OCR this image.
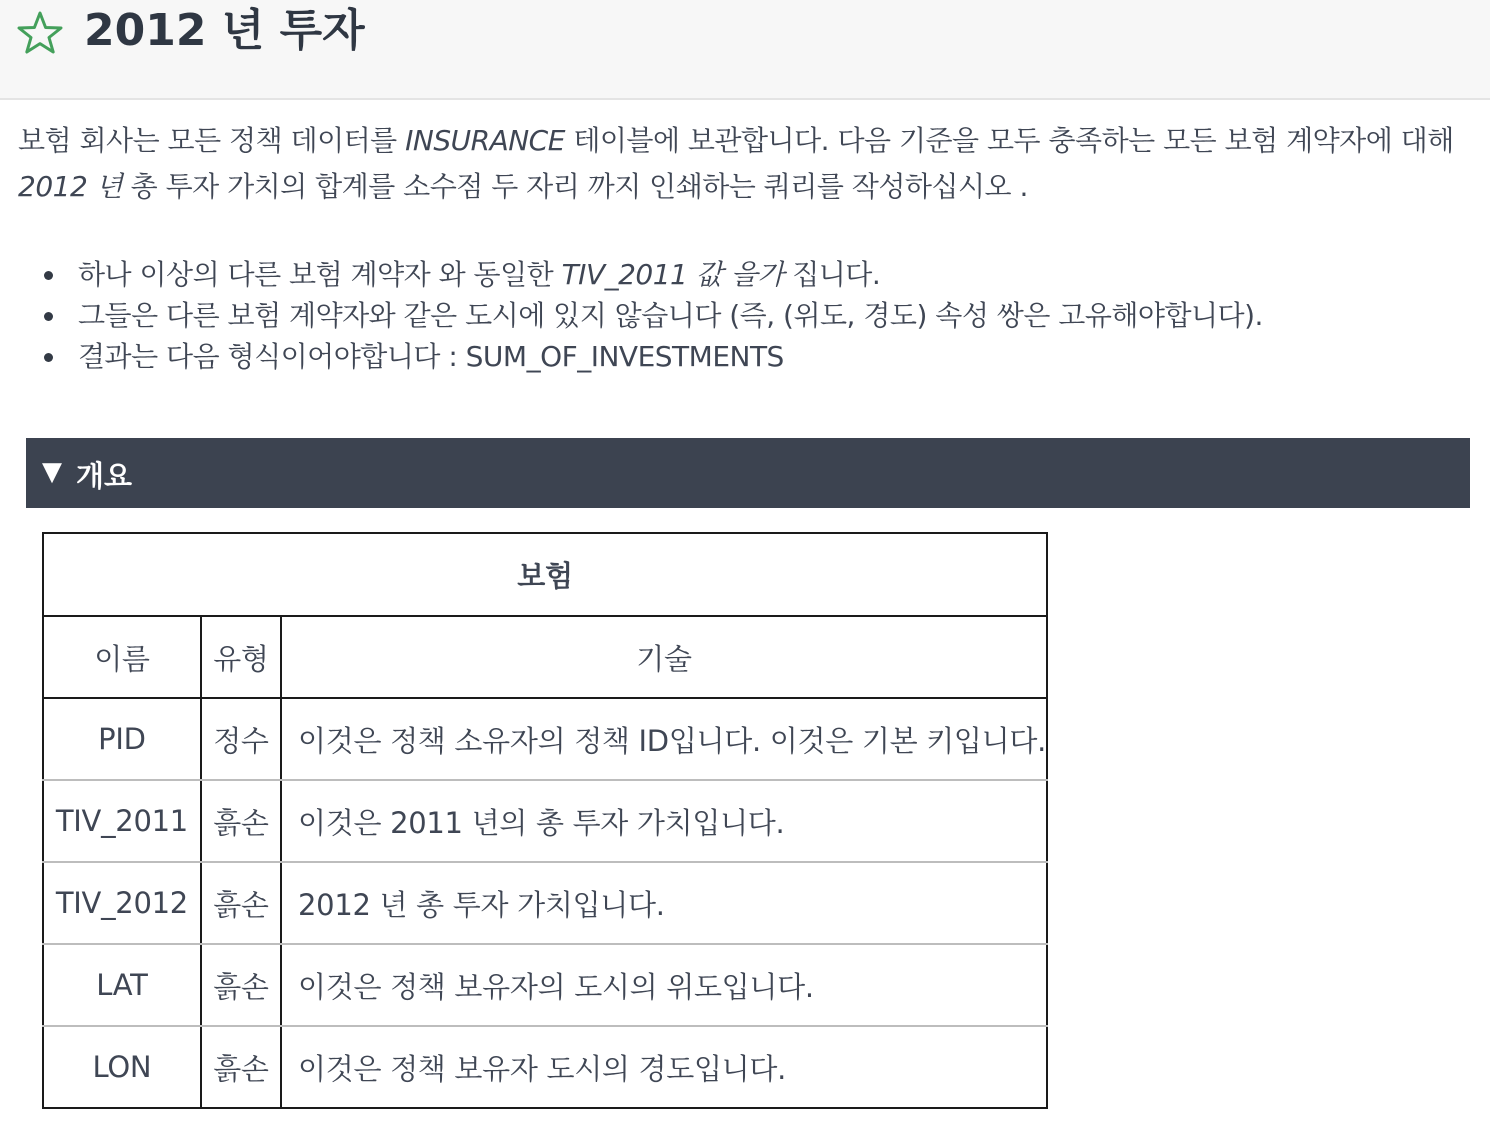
2012 년 투자

보험 회사는 모든 정책 데이터를 INSURANCE 테이블에 보관합니다. 다음 기준을 모두 충족하는 모든 보험 계약자에 대해
2012 년 총 투자 가치의 합계를 소수점 두 자리 까지 인쇄하는 쿼리를 작성하십시오 .

하나 이상의 다른 보험 계약자 와 동일한 TIV_2011 값 을가 집니다.
그들은 다른 보험 계약자와 같은 도시에 있지 않습니다 (즉, (위도, 경도) 속성 쌍은 고유해야합니다).
결과는 다음 형식이어야합니다 : SUM_OF_INVESTMENTS
▼ 개요
보험		
이름	유형	기술
PID	정수	이것은 정책 소유자의 정책 ID입니다. 이것은 기본 키입니다.
TIV_2011	흙손	이것은 2011 년의 총 투자 가치입니다.
TIV_2012	흙손	2012 년 총 투자 가치입니다.
LAT	흙손	이것은 정책 보유자의 도시의 위도입니다.
LON	흙손	이것은 정책 보유자 도시의 경도입니다.
